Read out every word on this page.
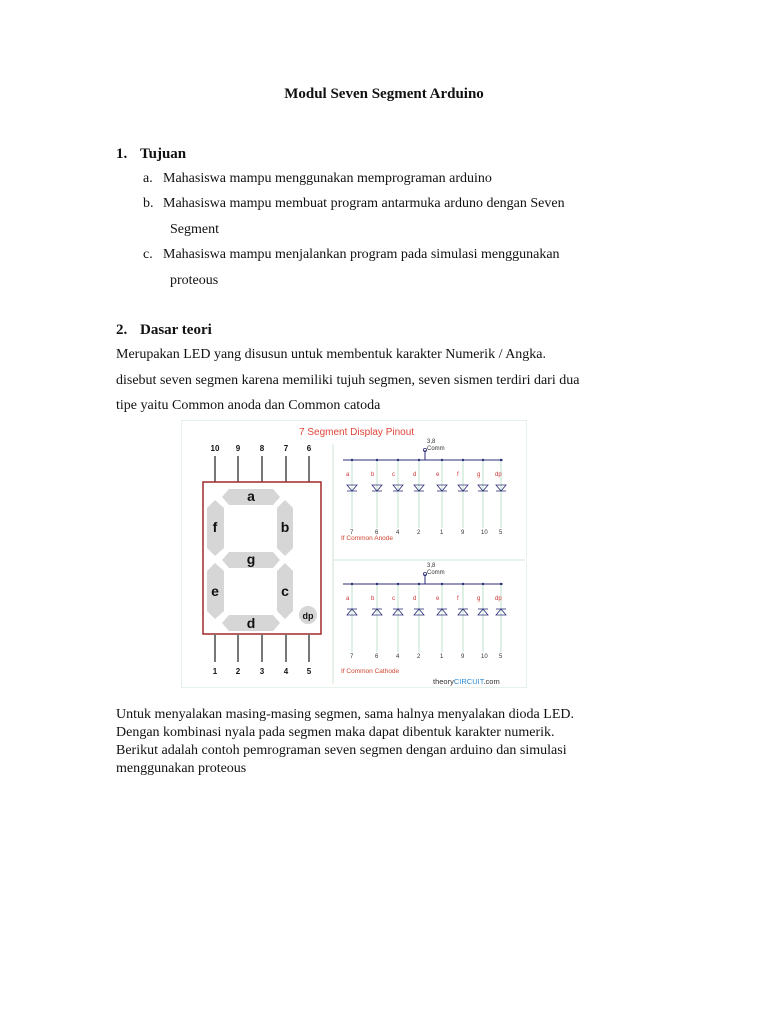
Modul Seven Segment Arduino
1. Tujuan
a. Mahasiswa mampu menggunakan memprograman arduino
b. Mahasiswa mampu membuat program antarmuka arduno dengan Seven
Segment
c. Mahasiswa mampu menjalankan program pada simulasi menggunakan
proteous
2. Dasar teori
Merupakan LED yang disusun untuk membentuk karakter Numerik / Angka.
disebut seven segmen karena memiliki tujuh segmen, seven sismen terdiri dari dua
tipe yaitu Common anoda dan Common catoda
7 Segment Display Pinout
10 9 8 7 6
a
f	b
g
e	c
d	dp
1 2 3 4 5
3,8
Comm
a
7
b
6
c
4
d
2
e
1
f
9
g
10
dp
5
If Common Anode
3,8
Comm
a
7
b
6
c
4
d
2
e
1
f
9
g
10
dp
5
If Common Cathode
theoryCIRCUIT.com
Untuk menyalakan masing-masing segmen, sama halnya menyalakan dioda LED.
Dengan kombinasi nyala pada segmen maka dapat dibentuk karakter numerik.
Berikut adalah contoh pemrograman seven segmen dengan arduino dan simulasi
menggunakan proteous
